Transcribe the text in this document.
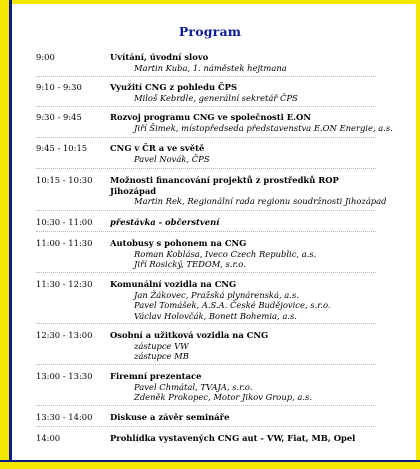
Program
9:00	Uvítání, úvodní slovo
Martin Kuba, 1. náměstek hejtmana
9:10 - 9:30	Využití CNG z pohledu ČPS
Miloš Kebrdle, generální sekretář ČPS
9:30 - 9:45	Rozvoj programu CNG ve společnosti E.ON
Jiří Šimek, místopředseda představenstva E.ON Energie, a.s.
9:45 - 10:15	CNG v ČR a ve světě
Pavel Novák, ČPS
10:15 - 10:30	Možnosti financování projektů z prostředků ROP
Jihozápad
Martin Rek, Regionální rada regionu soudržnosti Jihozápad
10:30 - 11:00	přestávka - občerstvení
11:00 - 11:30	Autobusy s pohonem na CNG
Roman Koblása, Iveco Czech Republic, a.s.
Jiří Rosický, TEDOM, s.r.o.
11:30 - 12:30	Komunální vozidla na CNG
Jan Žákovec, Pražská plynárenská, a.s.
Pavel Tomášek, A.S.A. České Budějovice, s.r.o.
Václav Holovčák, Bonett Bohemia, a.s.
12:30 - 13:00	Osobní a užitková vozidla na CNG
zástupce VW
zástupce MB
13:00 - 13:30	Firemní prezentace
Pavel Chmátal, TVAJA, s.r.o.
Zdeněk Prokopec, Motor Jikov Group, a.s.
13:30 - 14:00	Diskuse a závěr semináře
14:00	Prohlídka vystavených CNG aut - VW, Fiat, MB, Opel
